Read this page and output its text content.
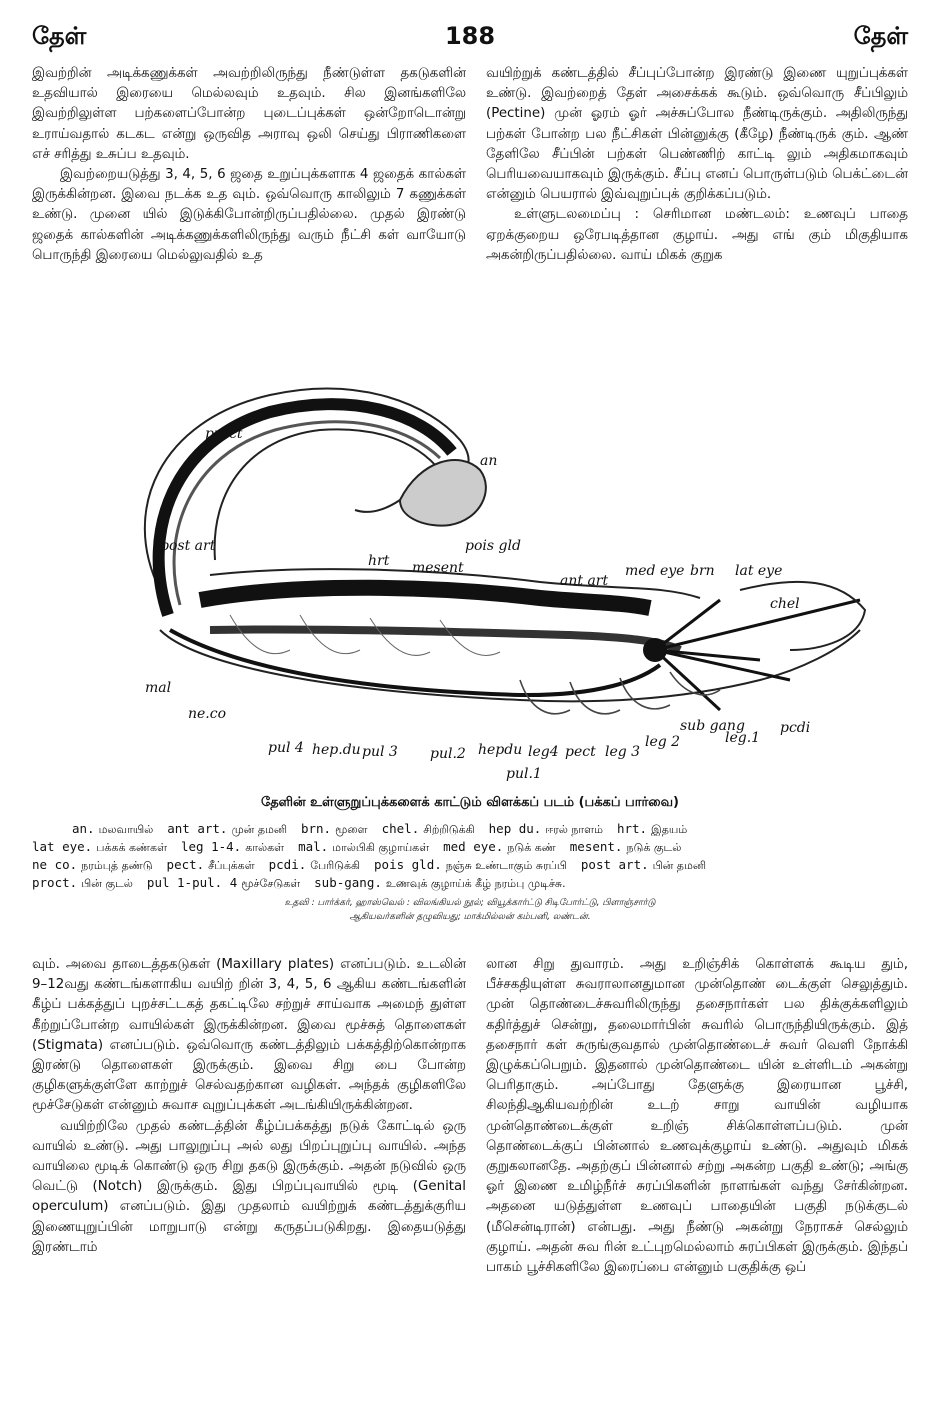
தேள்	188	தேள்

இவற்றின் அடிக்கணுக்கள் அவற்றிலிருந்து நீண்டுள்ள தகடுகளின் உதவியால் இரையை மெல்லவும் உதவும். சில இனங்களிலே இவற்றிலுள்ள பற்களைப்போன்ற புடைப்புக்கள் ஒன்றோடொன்று உராய்வதால் கடகட என்று ஒருவித அராவு ஒலி செய்து பிராணிகளை எச் சரித்து உசுப்ப உதவும்.

இவற்றையடுத்து 3, 4, 5, 6 ஜதை உறுப்புக்களாக 4 ஜதைக் கால்கள் இருக்கின்றன. இவை நடக்க உத வும். ஒவ்வொரு காலிலும் 7 கணுக்கள் உண்டு. முனை யில் இடுக்கிபோன்றிருப்பதில்லை. முதல் இரண்டு ஜதைக் கால்களின் அடிக்கணுக்களிலிருந்து வரும் நீட்சி கள் வாயோடு பொருந்தி இரையை மெல்லுவதில் உத

வயிற்றுக் கண்டத்தில் சீப்புப்போன்ற இரண்டு இணை யுறுப்புக்கள் உண்டு. இவற்றைத் தேள் அசைக்கக் கூடும். ஒவ்வொரு சீப்பிலும் (Pectine) முன் ஓரம் ஓர் அச்சுப்போல நீண்டிருக்கும். அதிலிருந்து பற்கள் போன்ற பல நீட்சிகள் பின்னுக்கு (கீழே) நீண்டிருக் கும். ஆண் தேளிலே சீப்பின் பற்கள் பெண்ணிற் காட்டி லும் அதிகமாகவும் பெரியவையாகவும் இருக்கும். சீப்பு எனப் பொருள்படும் பெக்ட்டைன் என்னும் பெயரால் இவ்வுறுப்புக் குறிக்கப்படும்.

உள்ளுடலமைப்பு : செரிமான மண்டலம்: உணவுப் பாதை ஏறக்குறைய ஒரேபடித்தான குழாய். அது எங் கும் மிகுதியாக அகன்றிருப்பதில்லை. வாய் மிகக் குறுக

proct
an
post art	pois gld
hrt mesent
ant art
med eye brn lat eye
chel
mal
ne.co
pul 4 hep.du pul 3 pul.2 hepdu leg4 pect leg 3
leg 2
sub gang
leg.1
pul.1
pcdi
தேளின் உள்ளுறுப்புக்களைக் காட்டும் விளக்கப் படம் (பக்கப் பார்வை)
an. மலவாயில் ant art. முன் தமனி brn. மூளை chel. சிற்றிடுக்கி hep du. ஈரல் நாளம் hrt. இதயம்
lat eye. பக்கக் கண்கள் leg 1-4. கால்கள் mal. மால்பிகி குழாய்கள் med eye. நடுக் கண் mesent. நடுக் குடல்
ne co. நரம்புத் தண்டு pect. சீப்புக்கள் pcdi. பேரிடுக்கி pois gld. நஞ்சு உண்டாகும் சுரப்பி post art. பின் தமனி
proct. பின் குடல் pul 1-pul. 4 மூச்சேடுகள் sub-gang. உணவுக் குழாய்க் கீழ் நரம்பு முடிச்சு.
உதவி : பார்க்கர், ஹாஸ்வெல் : விலங்கியல் நூல்; வியூக்கார்ட்டு சிடிபோர்ட்டு, பிளாஞ்சார்டு
ஆகியவர்களின் தழுவியது; மாக்மில்லன் கம்பனி, லண்டன்.

வும். அவை தாடைத்தகடுகள் (Maxillary plates) எனப்படும். உடலின் 9–12வது கண்டங்களாகிய வயிற் றின் 3, 4, 5, 6 ஆகிய கண்டங்களின் கீழ்ப் பக்கத்துப் புறச்சட்டகத் தகட்டிலே சற்றுச் சாய்வாக அமைந் துள்ள கீற்றுப்போன்ற வாயில்கள் இருக்கின்றன. இவை மூச்சுத் தொளைகள் (Stigmata) எனப்படும். ஒவ்வொரு கண்டத்திலும் பக்கத்திற்கொன்றாக இரண்டு தொளைகள் இருக்கும். இவை சிறு பை போன்ற குழிகளுக்குள்ளே காற்றுச் செல்வதற்கான வழிகள். அந்தக் குழிகளிலே மூச்சேடுகள் என்னும் சுவாச வுறுப்புக்கள் அடங்கியிருக்கின்றன.

வயிற்றிலே முதல் கண்டத்தின் கீழ்ப்பக்கத்து நடுக் கோட்டில் ஒரு வாயில் உண்டு. அது பாலுறுப்பு அல் லது பிறப்புறுப்பு வாயில். அந்த வாயிலை மூடிக் கொண்டு ஒரு சிறு தகடு இருக்கும். அதன் நடுவில் ஒரு வெட்டு (Notch) இருக்கும். இது பிறப்புவாயில் மூடி (Genital operculum) எனப்படும். இது முதலாம் வயிற்றுக் கண்டத்துக்குரிய இணையுறுப்பின் மாறுபாடு என்று கருதப்படுகிறது. இதையடுத்து இரண்டாம்

லான சிறு துவாரம். அது உறிஞ்சிக் கொள்ளக் கூடிய தும், பீச்சகதியுள்ள சுவராலானதுமான முன்தொண் டைக்குள் செலுத்தும். முன் தொண்டைச்சுவரிலிருந்து தசைநார்கள் பல திக்குக்களிலும் கதிர்த்துச் சென்று, தலைமார்பின் சுவரில் பொருந்தியிருக்கும். இத் தசைநார் கள் சுருங்குவதால் முன்தொண்டைச் சுவர் வெளி நோக்கி இழுக்கப்பெறும். இதனால் முன்தொண்டை யின் உள்ளிடம் அகன்று பெரிதாகும். அப்போது தேளுக்கு இரையான பூச்சி, சிலந்திஆகியவற்றின் உடற் சாறு வாயின் வழியாக முன்தொண்டைக்குள் உறிஞ் சிக்கொள்ளப்படும். முன் தொண்டைக்குப் பின்னால் உணவுக்குழாய் உண்டு. அதுவும் மிகக் குறுகலானதே. அதற்குப் பின்னால் சற்று அகன்ற பகுதி உண்டு; அங்கு ஓர் இணை உமிழ்நீர்ச் சுரப்பிகளின் நாளங்கள் வந்து சேர்கின்றன. அதனை யடுத்துள்ள உணவுப் பாதையின் பகுதி நடுக்குடல் (மீசென்டிரான்) என்பது. அது நீண்டு அகன்று நேராகச் செல்லும் குழாய். அதன் சுவ ரின் உட்புறமெல்லாம் சுரப்பிகள் இருக்கும். இந்தப் பாகம் பூச்சிகளிலே இரைப்பை என்னும் பகுதிக்கு ஒப்
